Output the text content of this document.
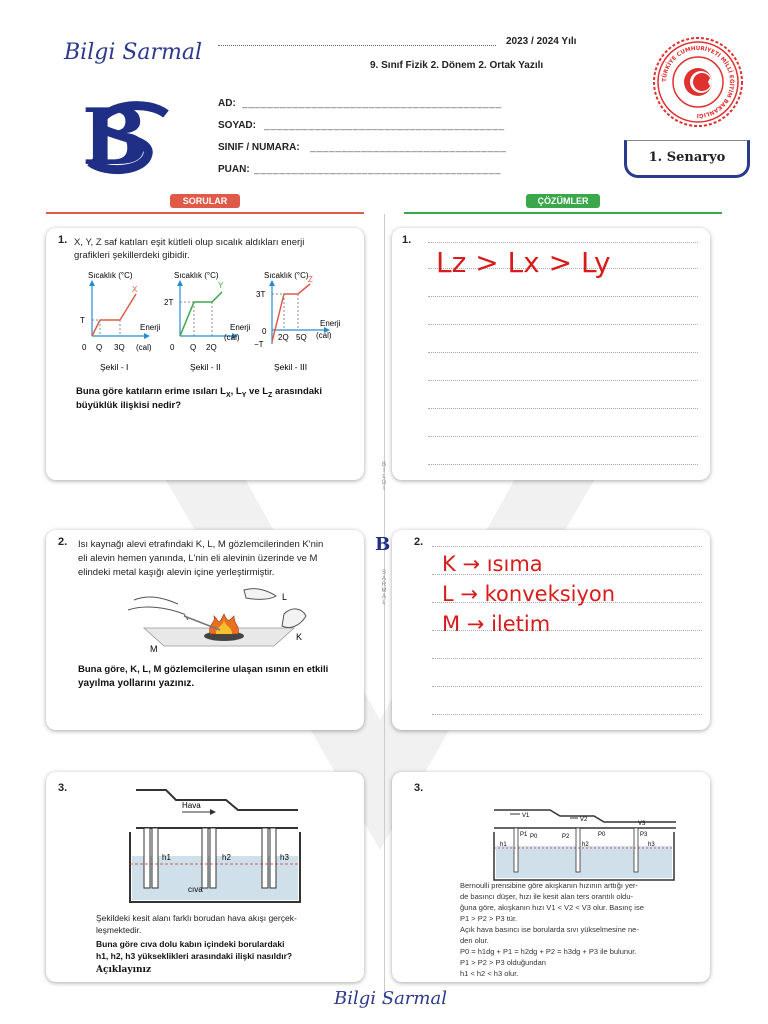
Bilgi Sarmal	2023 / 2024 Yılı
9. Sınıf Fizik 2. Dönem 2. Ortak Yazılı
B	AD: _ _ _ _ _ _ _ _ _ _ _ _ _ _ _ _ _ _ _ _ _ _ _ _ _ _ _ _ _ _ _ _ _ _ _ _ _ _ _ _ _
SOYAD: _ _ _ _ _ _ _ _ _ _ _ _ _ _ _ _ _ _ _ _ _ _ _ _ _ _ _ _ _ _ _ _ _ _ _ _ _ _
SINIF / NUMARA: _ _ _ _ _ _ _ _ _ _ _ _ _ _ _ _ _ _ _ _ _ _ _ _ _ _ _ _ _ _ _
PUAN: _ _ _ _ _ _ _ _ _ _ _ _ _ _ _ _ _ _ _ _ _ _ _ _ _ _ _ _ _ _ _ _ _ _ _ _ _ _ _
TÜRKİYE CUMHURİYETİ MİLLÎ EĞİTİM BAKANLIĞI
1. Senaryo
SORULAR	ÇÖZÜMLER
B
İ
L
G
İ
B
S
A
R
M
A
L
1. X, Y, Z saf katıları eşit kütleli olup sıcalık aldıkları enerji
grafikleri şekillerdeki gibidir.
Sıcaklık (°C)
X
T
0 Q 3Q
Enerji
(cal)
Şekil - I
Sıcaklık (°C)
Y
2T
0 Q 2Q
Enerji
(cal)
Şekil - II
Sıcaklık (°C) Z
3T
−T
0
2Q 5Q
Enerji
(cal)
Şekil - III
Buna göre katıların erime ısıları $L_X$, $L_Y$ ve $L_Z$ arasındaki
büyüklük ilişkisi nedir?
1.
Lz > Lx > Ly
2. Isı kaynağı alevi etrafındaki K, L, M gözlemcilerinden K'nin
eli alevin hemen yanında, L'nin eli alevinin üzerinde ve M
elindeki metal kaşığı alevin içine yerleştirmiştir.
L
K
M
Buna göre, K, L, M gözlemcilerine ulaşan ısının en etkili
yayılma yollarını yazınız.
2.
K → ısıma
L → konveksiyon
M → iletim
3.
Hava
h1	h2	h3
cıva
Şekildeki kesit alanı farklı borudan hava akışı gerçek-
leşmektedir.
Buna göre cıva dolu kabın içindeki borulardaki
h1, h2, h3 yükseklikleri arasındaki ilişki nasıldır?
Açıklayınız
3.
V1
V2
V3
P0	P2	P0
P1	P3
h1	h2	h3
Bernoulli prensibine göre akışkanın hızının arttığı yer-
de basıncı düşer, hızı ile kesit alan ters orantılı oldu-
ğuna göre, akışkanın hızı V1 < V2 < V3 olur. Basınç ise
P1 > P2 > P3 tür.
Açık hava basıncı ise borularda sıvı yükselmesine ne-
den olur.
P0 = h1dg + P1 = h2dg + P2 = h3dg + P3 ile bulunur.
P1 > P2 > P3 olduğundan
h1 < h2 < h3 olur.
Bilgi Sarmal
